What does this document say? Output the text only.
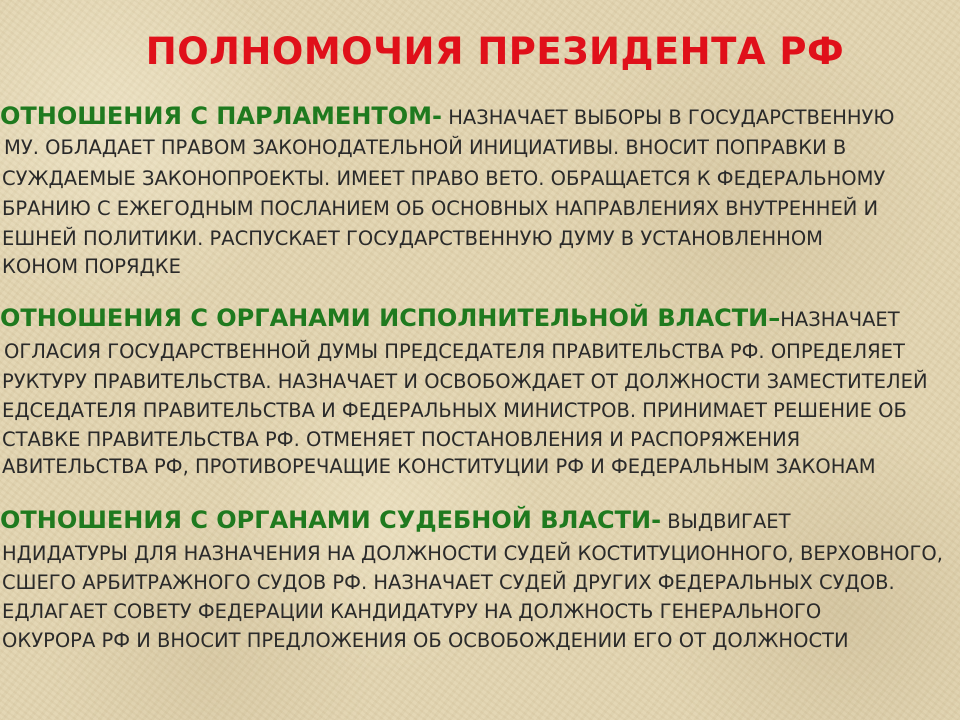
ПОЛНОМОЧИЯ ПРЕЗИДЕНТА РФ
ОТНОШЕНИЯ С ПАРЛАМЕНТОМ- НАЗНАЧАЕТ ВЫБОРЫ В ГОСУДАРСТВЕННУЮ
МУ. ОБЛАДАЕТ ПРАВОМ ЗАКОНОДАТЕЛЬНОЙ ИНИЦИАТИВЫ. ВНОСИТ ПОПРАВКИ В
СУЖДАЕМЫЕ ЗАКОНОПРОЕКТЫ. ИМЕЕТ ПРАВО ВЕТО. ОБРАЩАЕТСЯ К ФЕДЕРАЛЬНОМУ
БРАНИЮ С ЕЖЕГОДНЫМ ПОСЛАНИЕМ ОБ ОСНОВНЫХ НАПРАВЛЕНИЯХ ВНУТРЕННЕЙ И
ЕШНЕЙ ПОЛИТИКИ. РАСПУСКАЕТ ГОСУДАРСТВЕННУЮ ДУМУ В УСТАНОВЛЕННОМ
КОНОМ ПОРЯДКЕ
ОТНОШЕНИЯ С ОРГАНАМИ ИСПОЛНИТЕЛЬНОЙ ВЛАСТИ–НАЗНАЧАЕТ
ОГЛАСИЯ ГОСУДАРСТВЕННОЙ ДУМЫ ПРЕДСЕДАТЕЛЯ ПРАВИТЕЛЬСТВА РФ. ОПРЕДЕЛЯЕТ
РУКТУРУ ПРАВИТЕЛЬСТВА. НАЗНАЧАЕТ И ОСВОБОЖДАЕТ ОТ ДОЛЖНОСТИ ЗАМЕСТИТЕЛЕЙ
ЕДСЕДАТЕЛЯ ПРАВИТЕЛЬСТВА И ФЕДЕРАЛЬНЫХ МИНИСТРОВ. ПРИНИМАЕТ РЕШЕНИЕ ОБ
СТАВКЕ ПРАВИТЕЛЬСТВА РФ. ОТМЕНЯЕТ ПОСТАНОВЛЕНИЯ И РАСПОРЯЖЕНИЯ
АВИТЕЛЬСТВА РФ, ПРОТИВОРЕЧАЩИЕ КОНСТИТУЦИИ РФ И ФЕДЕРАЛЬНЫМ ЗАКОНАМ
ОТНОШЕНИЯ С ОРГАНАМИ СУДЕБНОЙ ВЛАСТИ- ВЫДВИГАЕТ
НДИДАТУРЫ ДЛЯ НАЗНАЧЕНИЯ НА ДОЛЖНОСТИ СУДЕЙ КОСТИТУЦИОННОГО, ВЕРХОВНОГО,
СШЕГО АРБИТРАЖНОГО СУДОВ РФ. НАЗНАЧАЕТ СУДЕЙ ДРУГИХ ФЕДЕРАЛЬНЫХ СУДОВ.
ЕДЛАГАЕТ СОВЕТУ ФЕДЕРАЦИИ КАНДИДАТУРУ НА ДОЛЖНОСТЬ ГЕНЕРАЛЬНОГО
ОКУРОРА РФ И ВНОСИТ ПРЕДЛОЖЕНИЯ ОБ ОСВОБОЖДЕНИИ ЕГО ОТ ДОЛЖНОСТИ
